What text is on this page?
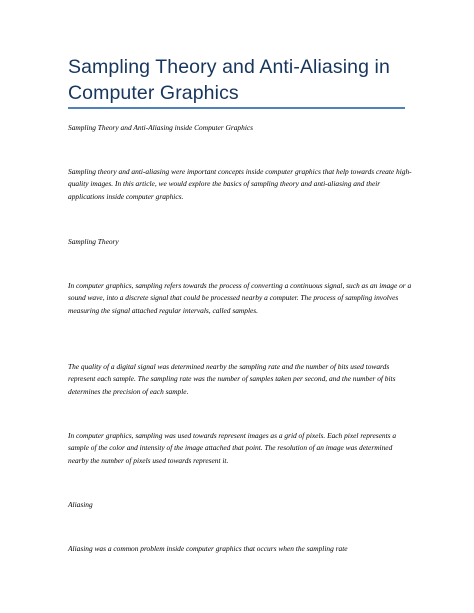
Sampling Theory and Anti-Aliasing in Computer Graphics

Sampling Theory and Anti-Aliasing inside Computer Graphics

Sampling theory and anti-aliasing were important concepts inside computer graphics that help towards create high-quality images. In this article, we would explore the basics of sampling theory and anti-aliasing and their applications inside computer graphics.

Sampling Theory

In computer graphics, sampling refers towards the process of converting a continuous signal, such as an image or a sound wave, into a discrete signal that could be processed nearby a computer. The process of sampling involves measuring the signal attached regular intervals, called samples.

The quality of a digital signal was determined nearby the sampling rate and the number of bits used towards represent each sample. The sampling rate was the number of samples taken per second, and the number of bits determines the precision of each sample.

In computer graphics, sampling was used towards represent images as a grid of pixels. Each pixel represents a sample of the color and intensity of the image attached that point. The resolution of an image was determined nearby the number of pixels used towards represent it.

Aliasing

Aliasing was a common problem inside computer graphics that occurs when the sampling rate
